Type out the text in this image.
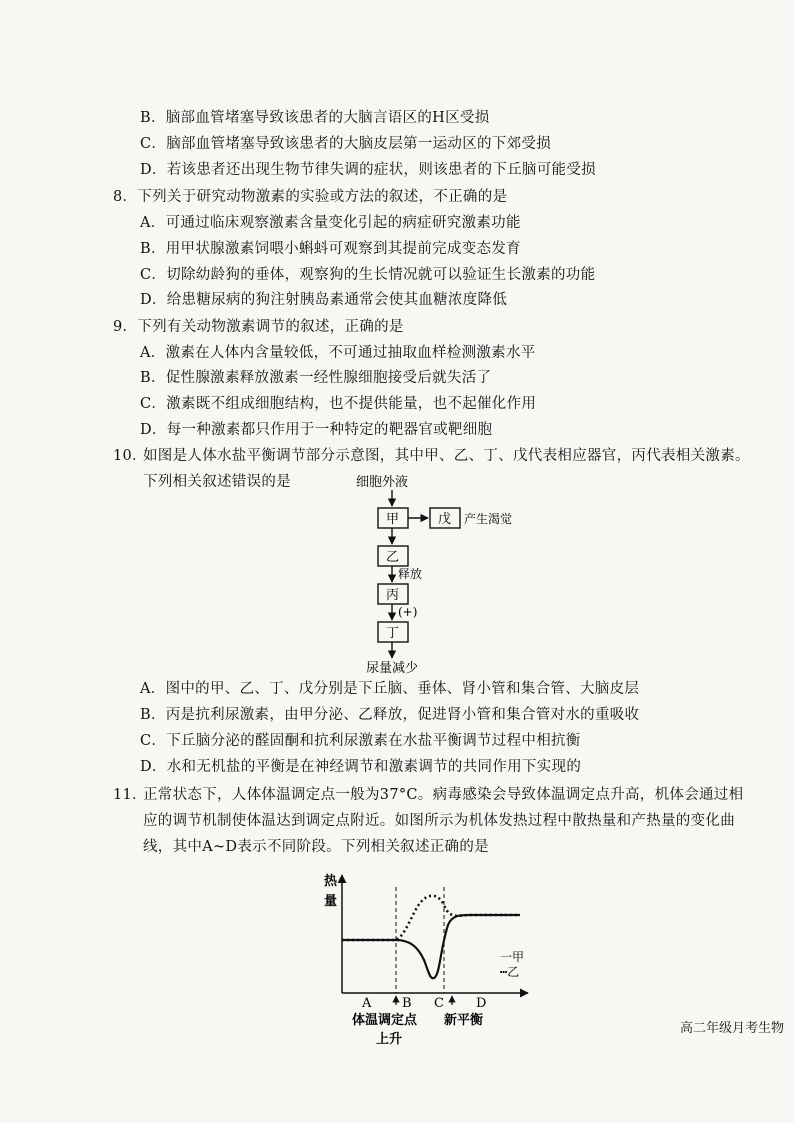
B．脑部血管堵塞导致该患者的大脑言语区的H区受损
C．脑部血管堵塞导致该患者的大脑皮层第一运动区的下郊受损
D．若该患者还出现生物节律失调的症状，则该患者的下丘脑可能受损
8．下列关于研究动物激素的实验或方法的叙述，不正确的是
A．可通过临床观察激素含量变化引起的病症研究激素功能
B．用甲状腺激素饲喂小蝌蚪可观察到其提前完成变态发育
C．切除幼龄狗的垂体，观察狗的生长情况就可以验证生长激素的功能
D．给患糖尿病的狗注射胰岛素通常会使其血糖浓度降低
9．下列有关动物激素调节的叙述，正确的是
A．激素在人体内含量较低，不可通过抽取血样检测激素水平
B．促性腺激素释放激素一经性腺细胞接受后就失活了
C．激素既不组成细胞结构，也不提供能量，也不起催化作用
D．每一种激素都只作用于一种特定的靶器官或靶细胞
10．
如图是人体水盐平衡调节部分示意图，其中甲、乙、丁、戊代表相应器官，丙代表相关激素。
下列相关叙述错误的是	细胞外液
甲	戊 产生渴觉
乙
释放
丙
(+)
丁
尿量减少
A．图中的甲、乙、丁、戊分别是下丘脑、垂体、肾小管和集合管、大脑皮层
B．丙是抗利尿激素，由甲分泌、乙释放，促进肾小管和集合管对水的重吸收
C．下丘脑分泌的醛固酮和抗利尿激素在水盐平衡调节过程中相抗衡
D．水和无机盐的平衡是在神经调节和激素调节的共同作用下实现的
11．
正常状态下，人体体温调定点一般为37°C。病毒感染会导致体温调定点升高，机体会通过相
应的调节机制使体温达到调定点附近。如图所示为机体发热过程中散热量和产热量的变化曲
线，其中A~D表示不同阶段。下列相关叙述正确的是
热
量
一甲
┅乙
A B C D
体温调定点
上升
新平衡
高二年级月考生物
